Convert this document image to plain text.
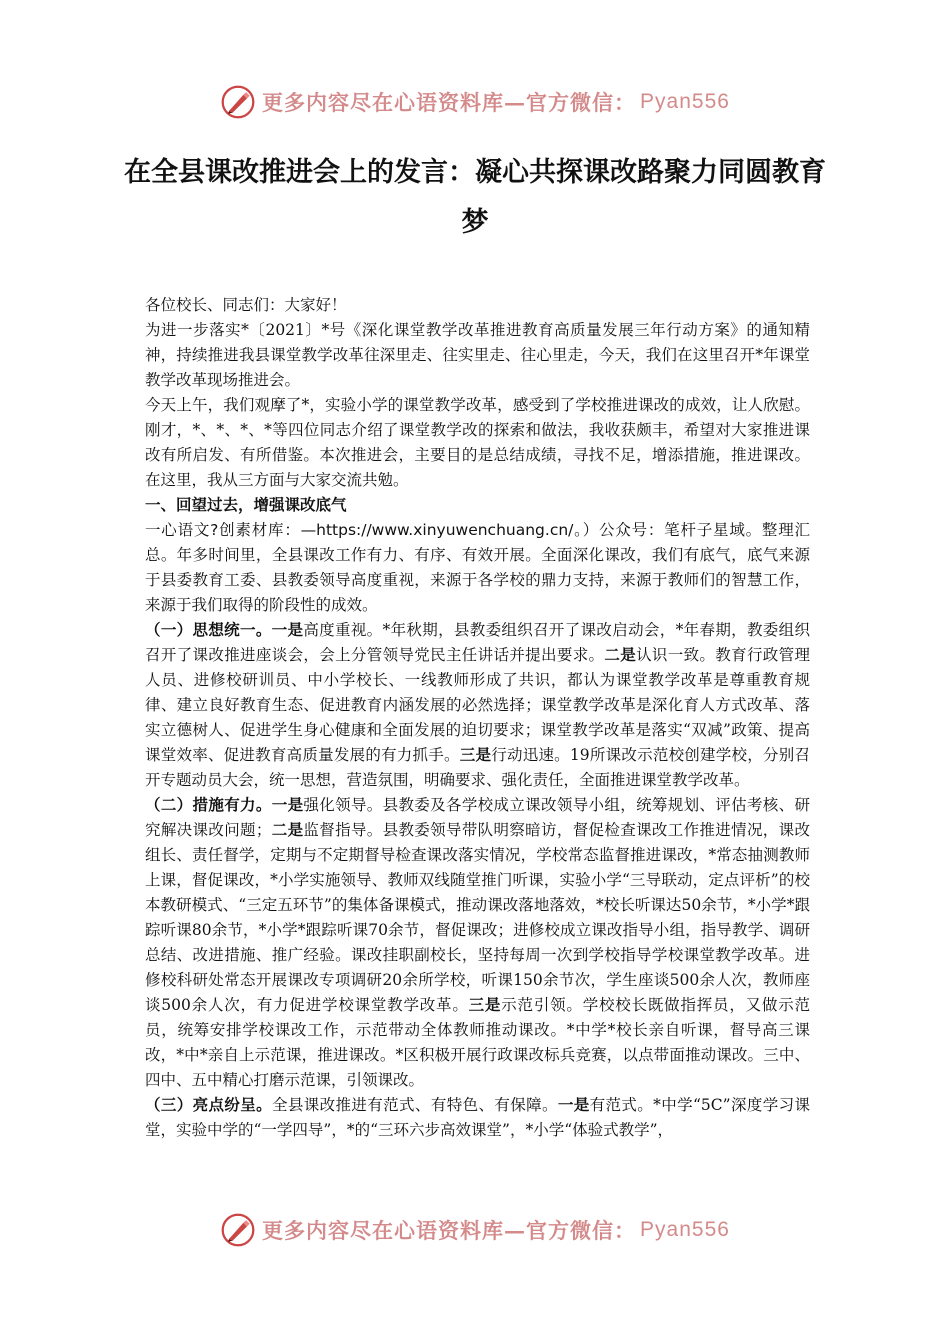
更多内容尽在心语资料库—官方微信： Pyan556
在全县课改推进会上的发言：凝心共探课改路聚力同圆教育梦

各位校长、同志们：大家好！

为进一步落实*〔2021〕*号《深化课堂教学改革推进教育高质量发展三年行动方案》的通知精神，持续推进我县课堂教学改革往深里走、往实里走、往心里走，今天，我们在这里召开*年课堂教学改革现场推进会。

今天上午，我们观摩了*，实验小学的课堂教学改革，感受到了学校推进课改的成效，让人欣慰。刚才，*、*、*、*等四位同志介绍了课堂教学改的探索和做法，我收获颇丰，希望对大家推进课改有所启发、有所借鉴。本次推进会，主要目的是总结成绩，寻找不足，增添措施，推进课改。在这里，我从三方面与大家交流共勉。

一、回望过去，增强课改底气

一心语文?创素材库：—https://www.xinyuwenchuang.cn/。）公众号：笔杆子星域。整理汇总。年多时间里，全县课改工作有力、有序、有效开展。全面深化课改，我们有底气，底气来源于县委教育工委、县教委领导高度重视，来源于各学校的鼎力支持，来源于教师们的智慧工作，来源于我们取得的阶段性的成效。

（一）思想统一。一是高度重视。*年秋期，县教委组织召开了课改启动会，*年春期，教委组织召开了课改推进座谈会，会上分管领导党民主任讲话并提出要求。二是认识一致。教育行政管理人员、进修校研训员、中小学校长、一线教师形成了共识，都认为课堂教学改革是尊重教育规律、建立良好教育生态、促进教育内涵发展的必然选择；课堂教学改革是深化育人方式改革、落实立德树人、促进学生身心健康和全面发展的迫切要求；课堂教学改革是落实“双减”政策、提高课堂效率、促进教育高质量发展的有力抓手。三是行动迅速。19所课改示范校创建学校，分别召开专题动员大会，统一思想，营造氛围，明确要求、强化责任，全面推进课堂教学改革。

（二）措施有力。一是强化领导。县教委及各学校成立课改领导小组，统筹规划、评估考核、研究解决课改问题；二是监督指导。县教委领导带队明察暗访，督促检查课改工作推进情况，课改组长、责任督学，定期与不定期督导检查课改落实情况，学校常态监督推进课改，*常态抽测教师上课，督促课改，*小学实施领导、教师双线随堂推门听课，实验小学“三导联动，定点评析”的校本教研模式、“三定五环节”的集体备课模式，推动课改落地落效，*校长听课达50余节，*小学*跟踪听课80余节，*小学*跟踪听课70余节，督促课改；进修校成立课改指导小组，指导教学、调研总结、改进措施、推广经验。课改挂职副校长，坚持每周一次到学校指导学校课堂教学改革。进修校科研处常态开展课改专项调研20余所学校，听课150余节次，学生座谈500余人次，教师座谈500余人次，有力促进学校课堂教学改革。三是示范引领。学校校长既做指挥员，又做示范员，统筹安排学校课改工作，示范带动全体教师推动课改。*中学*校长亲自听课，督导高三课改，*中*亲自上示范课，推进课改。*区积极开展行政课改标兵竞赛，以点带面推动课改。三中、四中、五中精心打磨示范课，引领课改。

（三）亮点纷呈。全县课改推进有范式、有特色、有保障。一是有范式。*中学“5C”深度学习课堂，实验中学的“一学四导”，*的“三环六步高效课堂”，*小学“体验式教学”，

更多内容尽在心语资料库—官方微信： Pyan556
